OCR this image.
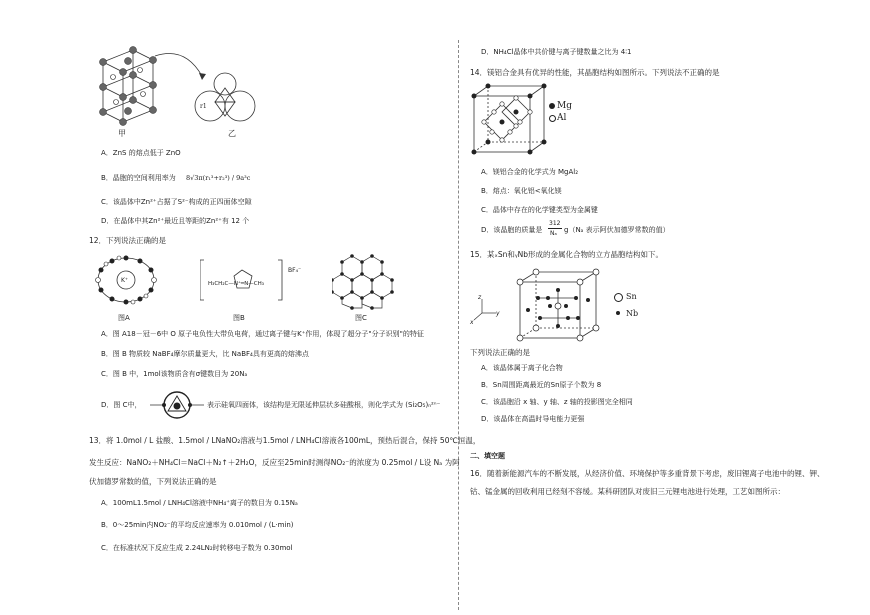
甲
r1
乙
A．ZnS 的熔点低于 ZnO
B．晶胞的空间利用率为 8√3π(r₁³+r₂³) / 9a³c
C．该晶体中Zn²⁺占据了S²⁻构成的正四面体空隙
D．在晶体中其Zn²⁺最近且等距的Zn²⁺有 12 个
12．下列说法正确的是
K⁺
图A
H₃CH₂C—N⁺═N—CH₃
BF₄⁻
图B	图C
A．图 A18－冠－6中 O 原子电负性大带负电荷，通过离子键与K⁺作用，体现了超分子"分子识别"的特征
B．图 B 物质较 NaBF₄摩尔质量更大，比 NaBF₄具有更高的熔沸点
C．图 B 中，1mol该物质含有σ键数目为 20Nₐ
D．图 C中，	表示硅氧四面体，该结构是无限延伸层状多硅酸根，则化学式为 (Si₂O₅)ₙ²ⁿ⁻
13．将 1.0mol / L 盐酸、1.5mol / LNaNO₂溶液与1.5mol / LNH₄Cl溶液各100mL，预热后混合，保持 50℃恒温，
发生反应：NaNO₂＋NH₄Cl＝NaCl＋N₂↑＋2H₂O，反应至25min时测得NO₂⁻的浓度为 0.25mol / L设 Nₐ 为阿
伏加德罗常数的值，下列说法正确的是
A．100mL1.5mol / LNH₄Cl溶液中NH₄⁺离子的数目为 0.15Nₐ
B．0～25min内NO₂⁻的平均反应速率为 0.010mol / (L·min)
C．在标准状况下反应生成 2.24LN₂时转移电子数为 0.30mol
D．NH₄Cl晶体中共价键与离子键数量之比为 4∶1
14．镁铝合金具有优异的性能，其晶胞结构如图所示。下列说法不正确的是
Mg
Al
A．镁铝合金的化学式为 MgAl₂
B．熔点：氧化铝<氧化镁
C．晶体中存在的化学键类型为金属键
D．该晶胞的质量是
312
Nₐ g（Nₐ 表示阿伏加德罗常数的值）
15．某ₓSn和ᵧNb形成的金属化合物的立方晶胞结构如下。
z
x
y
Sn
Nb
下列说法正确的是
A．该晶体属于离子化合物
B．Sn周围距离最近的Sn原子个数为 8
C．该晶胞沿 x 轴、y 轴、z 轴的投影图完全相同
D．该晶体在高温时导电能力更强
二、填空题
16．随着新能源汽车的不断发展，从经济价值、环境保护等多重背景下考虑，废旧锂离子电池中的锂、钾、
钴、锰金属的回收利用已经刻不容缓。某科研团队对废旧三元锂电池进行处理，工艺如图所示：
